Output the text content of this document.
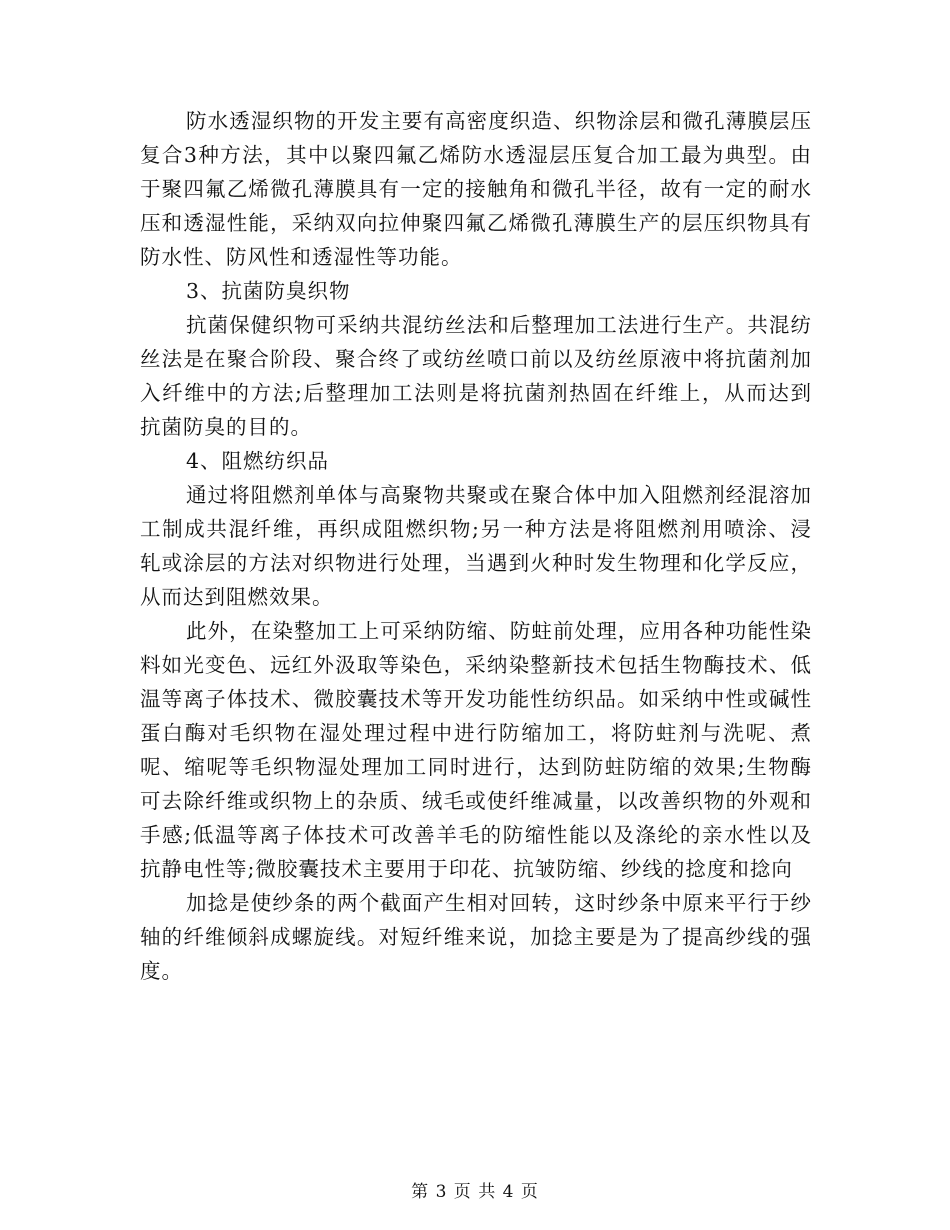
防水透湿织物的开发主要有高密度织造、织物涂层和微孔薄膜层压复合3种方法，其中以聚四氟乙烯防水透湿层压复合加工最为典型。由于聚四氟乙烯微孔薄膜具有一定的接触角和微孔半径，故有一定的耐水压和透湿性能，采纳双向拉伸聚四氟乙烯微孔薄膜生产的层压织物具有防水性、防风性和透湿性等功能。

3、抗菌防臭织物

抗菌保健织物可采纳共混纺丝法和后整理加工法进行生产。共混纺丝法是在聚合阶段、聚合终了或纺丝喷口前以及纺丝原液中将抗菌剂加入纤维中的方法;后整理加工法则是将抗菌剂热固在纤维上，从而达到抗菌防臭的目的。

4、阻燃纺织品

通过将阻燃剂单体与高聚物共聚或在聚合体中加入阻燃剂经混溶加工制成共混纤维，再织成阻燃织物;另一种方法是将阻燃剂用喷涂、浸轧或涂层的方法对织物进行处理，当遇到火种时发生物理和化学反应，从而达到阻燃效果。

此外，在染整加工上可采纳防缩、防蛀前处理，应用各种功能性染料如光变色、远红外汲取等染色，采纳染整新技术包括生物酶技术、低温等离子体技术、微胶囊技术等开发功能性纺织品。如采纳中性或碱性蛋白酶对毛织物在湿处理过程中进行防缩加工，将防蛀剂与洗呢、煮呢、缩呢等毛织物湿处理加工同时进行，达到防蛀防缩的效果;生物酶可去除纤维或织物上的杂质、绒毛或使纤维减量，以改善织物的外观和手感;低温等离子体技术可改善羊毛的防缩性能以及涤纶的亲水性以及抗静电性等;微胶囊技术主要用于印花、抗皱防缩、纱线的捻度和捻向

加捻是使纱条的两个截面产生相对回转，这时纱条中原来平行于纱轴的纤维倾斜成螺旋线。对短纤维来说，加捻主要是为了提高纱线的强度。

第 3 页 共 4 页
